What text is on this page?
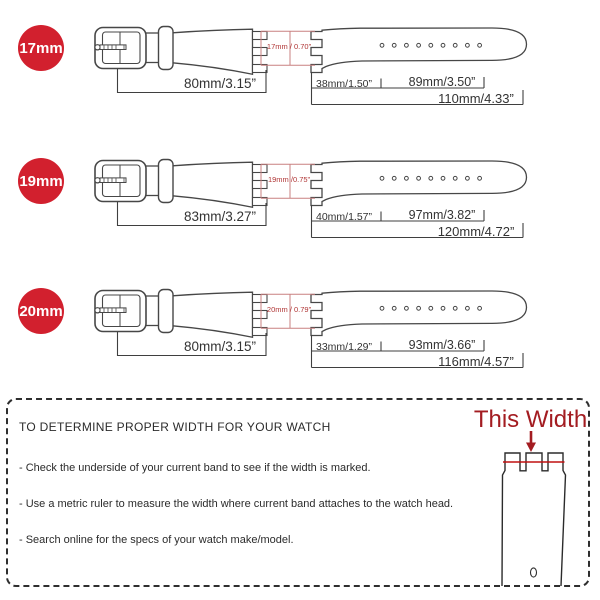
17mm
80mm/3.15”
17mm / 0.70”
38mm/1.50”	89mm/3.50”
110mm/4.33”
19mm
83mm/3.27”
19mm /0.75”
40mm/1.57”	97mm/3.82”
120mm/4.72”
20mm
80mm/3.15”
20mm / 0.79”
33mm/1.29”	93mm/3.66”
116mm/4.57”
TO DETERMINE PROPER WIDTH FOR YOUR WATCH
- Check the underside of your current band to see if the width is marked.
- Use a metric ruler to measure the width where current band attaches to the watch head.
- Search online for the specs of your watch make/model.
This Width
